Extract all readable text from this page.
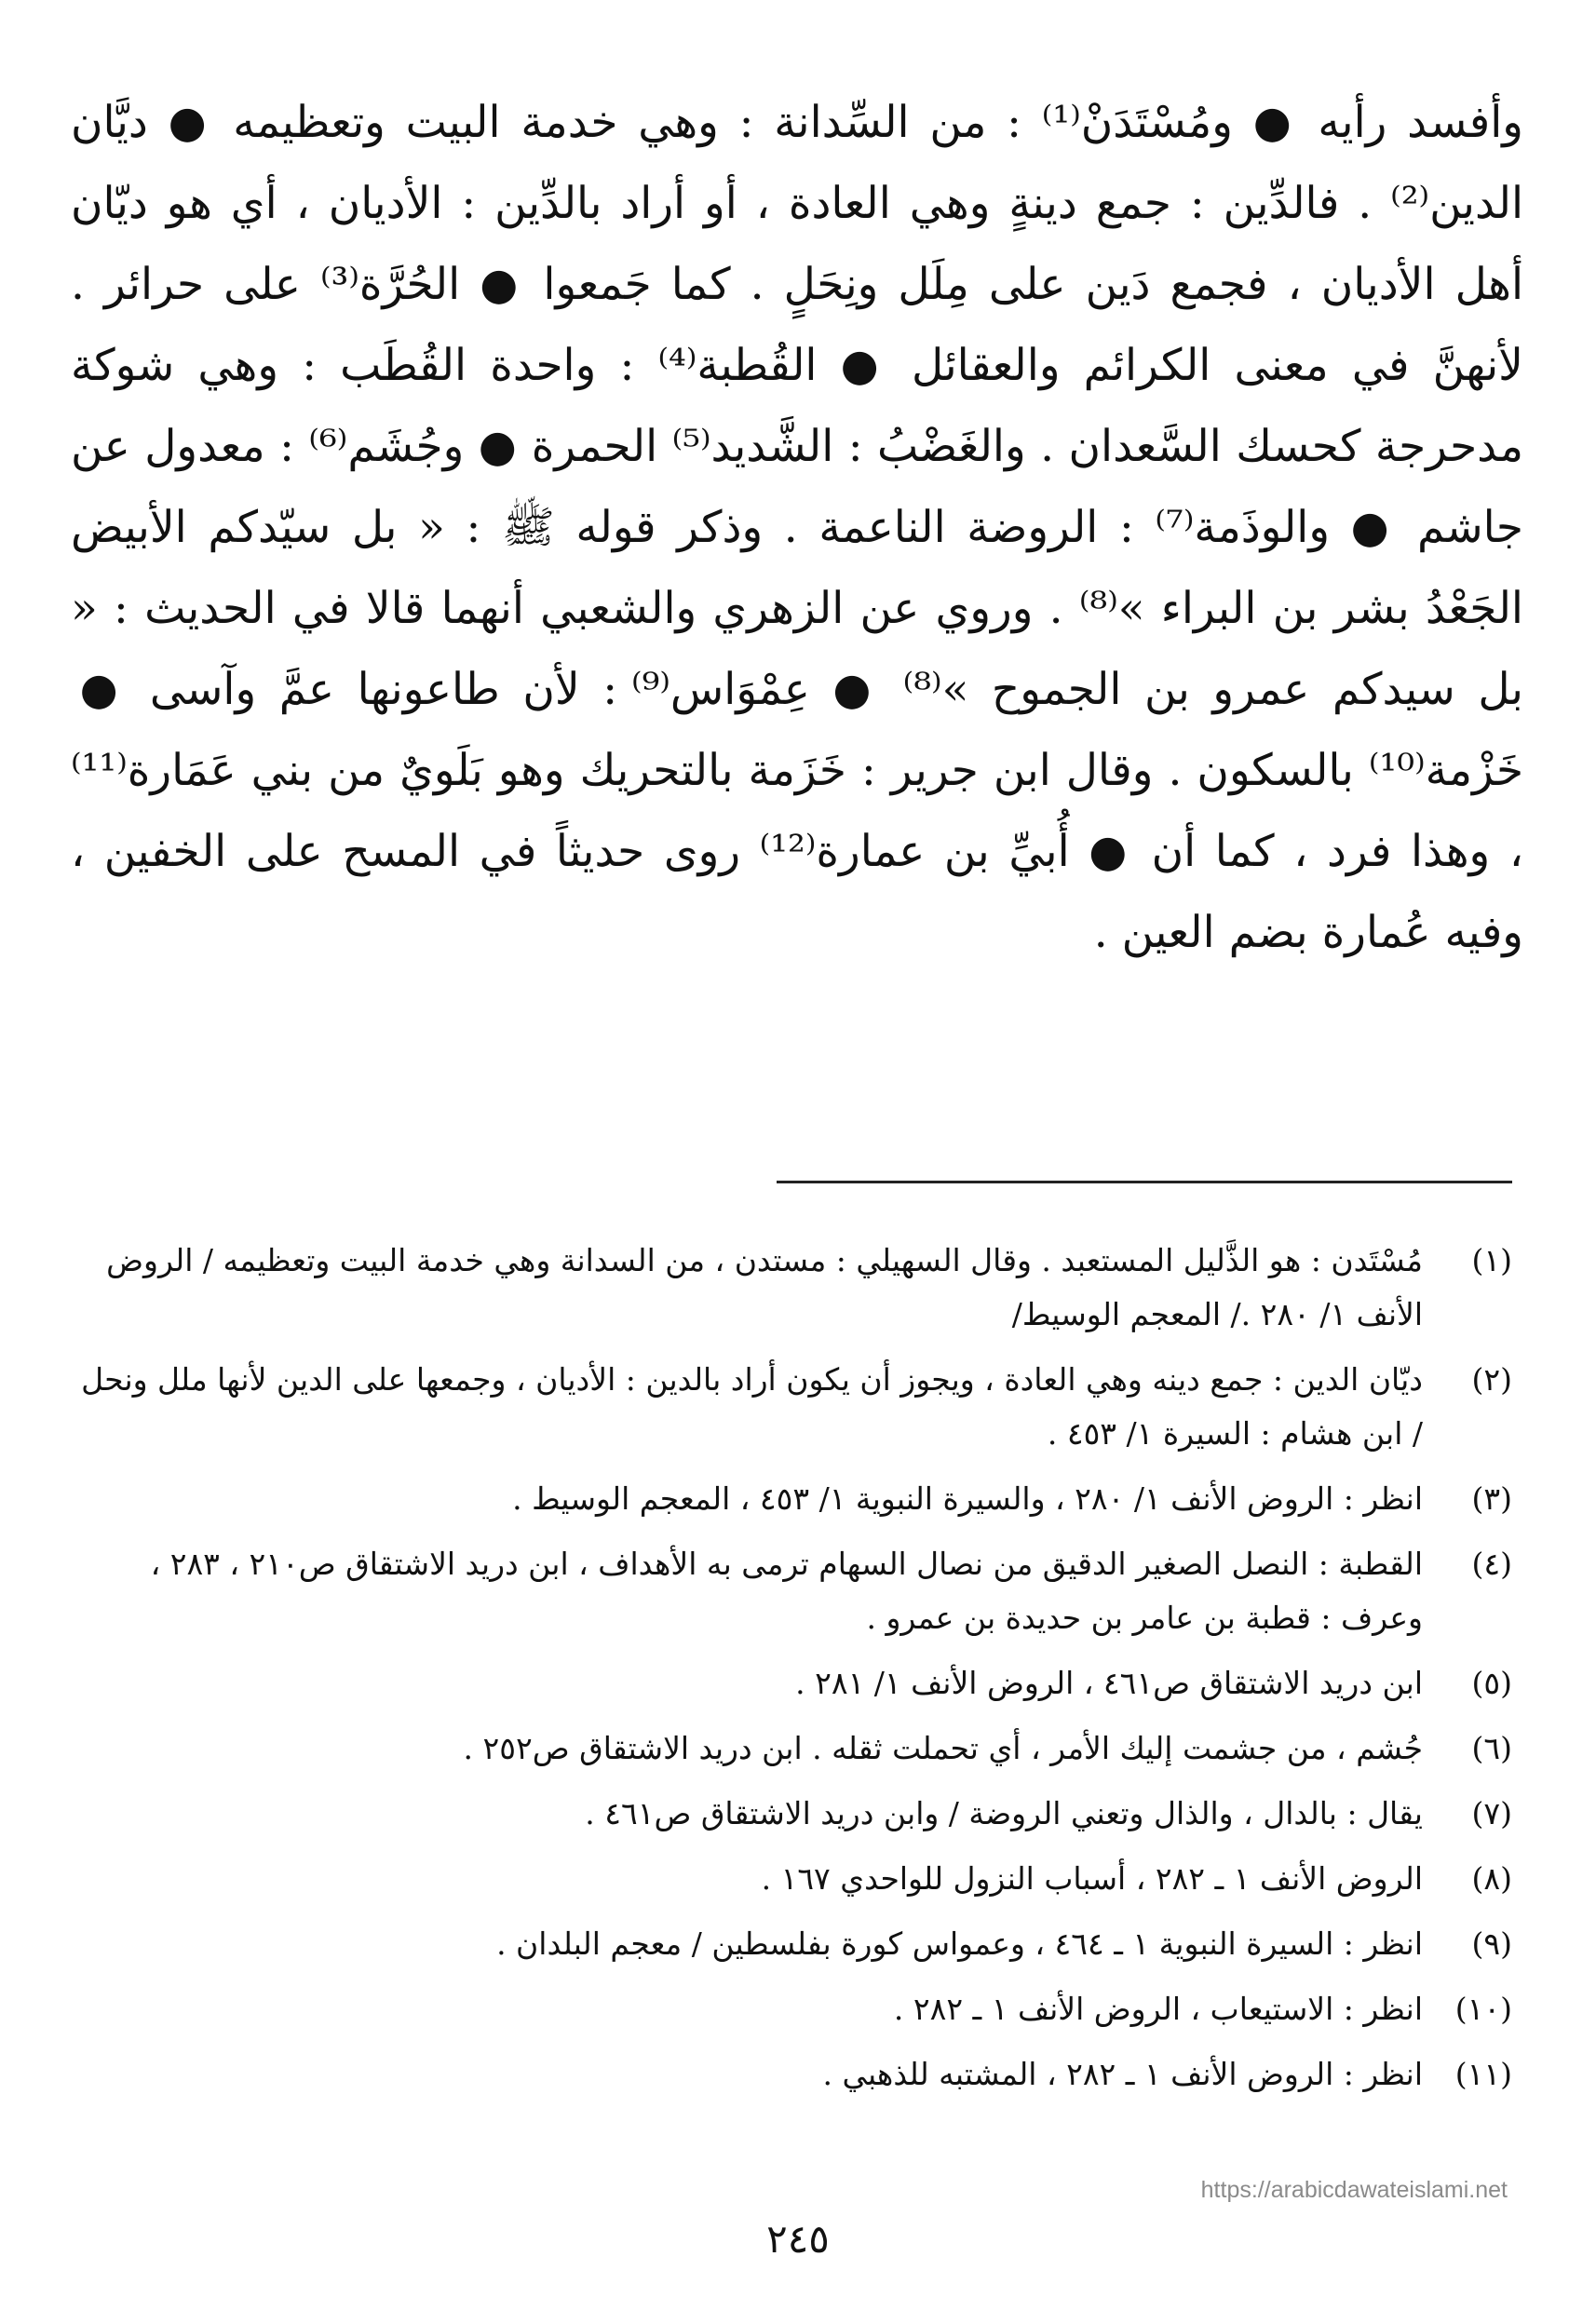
وأفسد رأيه ● ومُسْتَدَنْ⁽¹⁾ : من السِّدانة : وهي خدمة البيت وتعظيمه ● ديَّان الدين⁽²⁾ . فالدِّين : جمع دينةٍ وهي العادة ، أو أراد بالدِّين : الأديان ، أي هو ديّان أهل الأديان ، فجمع دَين على مِلَل ونِحَلٍ . كما جَمعوا ● الحُرَّة⁽³⁾ على حرائر . لأنهنَّ في معنى الكرائم والعقائل ● القُطبة⁽⁴⁾ : واحدة القُطَب : وهي شوكة مدحرجة كحسك السَّعدان . والغَضْبُ : الشَّديد⁽⁵⁾ الحمرة ● وجُشَم⁽⁶⁾ : معدول عن جاشم ● والوذَمة⁽⁷⁾ : الروضة الناعمة . وذكر قوله ﷺ : « بل سيّدكم الأبيض الجَعْدُ بشر بن البراء »⁽⁸⁾ . وروي عن الزهري والشعبي أنهما قالا في الحديث : « بل سيدكم عمرو بن الجموح »⁽⁸⁾ ● عِمْوَاس⁽⁹⁾ : لأن طاعونها عمَّ وآسى ● خَزْمة⁽¹⁰⁾ بالسكون . وقال ابن جرير : خَزَمة بالتحريك وهو بَلَويٌ من بني عَمَارة⁽¹¹⁾ ، وهذا فرد ، كما أن ● أُبيِّ بن عمارة⁽¹²⁾ روى حديثاً في المسح على الخفين ، وفيه عُمارة بضم العين .

(١)
مُسْتَدن : هو الذَّليل المستعبد . وقال السهيلي : مستدن ، من السدانة وهي خدمة البيت وتعظيمه / الروض الأنف ١/ ٢٨٠ ./ المعجم الوسيط/
(٢)
ديّان الدين : جمع دينه وهي العادة ، ويجوز أن يكون أراد بالدين : الأديان ، وجمعها على الدين لأنها ملل ونحل / ابن هشام : السيرة ١/ ٤٥٣ .
(٣)
انظر : الروض الأنف ١/ ٢٨٠ ، والسيرة النبوية ١/ ٤٥٣ ، المعجم الوسيط .
(٤)
القطبة : النصل الصغير الدقيق من نصال السهام ترمى به الأهداف ، ابن دريد الاشتقاق ص٢١٠ ، ٢٨٣ ، وعرف : قطبة بن عامر بن حديدة بن عمرو .
(٥)
ابن دريد الاشتقاق ص٤٦١ ، الروض الأنف ١/ ٢٨١ .
(٦)
جُشم ، من جشمت إليك الأمر ، أي تحملت ثقله . ابن دريد الاشتقاق ص٢٥٢ .
(٧)
يقال : بالدال ، والذال وتعني الروضة / وابن دريد الاشتقاق ص٤٦١ .
(٨)
الروض الأنف ١ ـ ٢٨٢ ، أسباب النزول للواحدي ١٦٧ .
(٩)
انظر : السيرة النبوية ١ ـ ٤٦٤ ، وعمواس كورة بفلسطين / معجم البلدان .
(١٠)
انظر : الاستيعاب ، الروض الأنف ١ ـ ٢٨٢ .
(١١)
انظر : الروض الأنف ١ ـ ٢٨٢ ، المشتبه للذهبي .
https://arabicdawateislami.net
٢٤٥
